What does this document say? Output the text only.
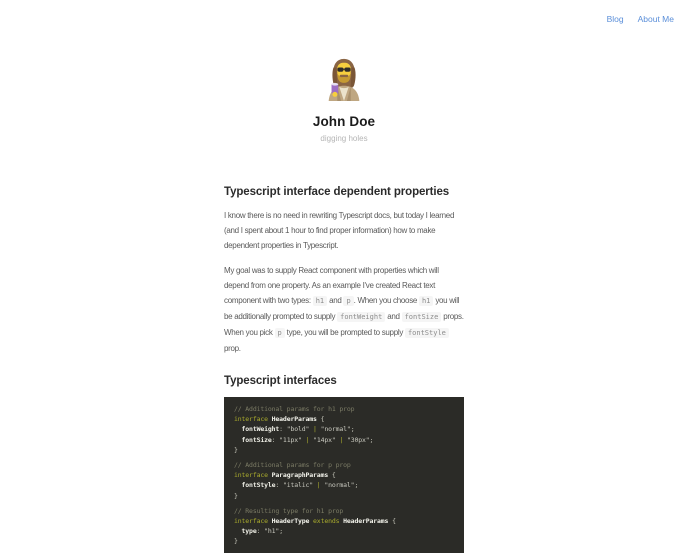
Blog About Me
John Doe
digging holes
Typescript interface dependent properties

I know there is no need in rewriting Typescript docs, but today I learned (and I spent about 1 hour to find proper information) how to make dependent properties in Typescript.

My goal was to supply React component with properties which will depend from one property. As an example I've created React text component with two types: h1 and p . When you choose h1 you will be additionally prompted to supply fontWeight and fontSize props. When you pick p type, you will be prompted to supply fontStyle prop.

Typescript interfaces
// Additional params for h1 prop
interface HeaderParams {
fontWeight: "bold" | "normal";
fontSize: "11px" | "14px" | "30px";
}
// Additional params for p prop
interface ParagraphParams {
fontStyle: "italic" | "normal";
}
// Resulting type for h1 prop
interface HeaderType extends HeaderParams {
type: "h1";
}
